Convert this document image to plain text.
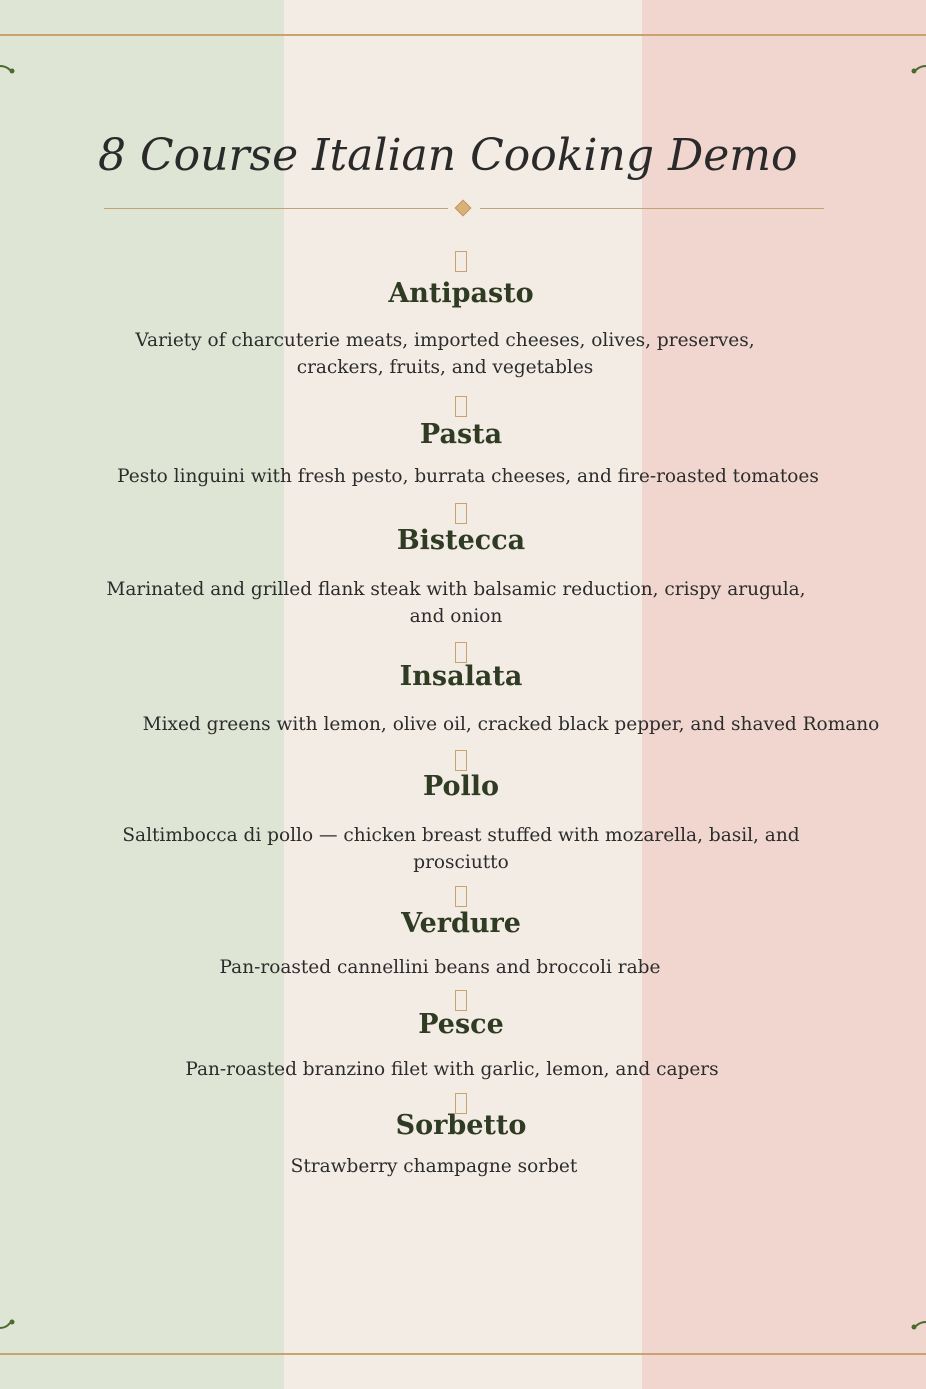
8 Course Italian Cooking Demo
Antipasto

Variety of charcuterie meats, imported cheeses, olives, preserves, crackers, fruits, and vegetables

Pasta

Pesto linguini with fresh pesto, burrata cheeses, and fire-roasted tomatoes

Bistecca

Marinated and grilled flank steak with balsamic reduction, crispy arugula, and onion

Insalata

Mixed greens with lemon, olive oil, cracked black pepper, and shaved Romano

Pollo

Saltimbocca di pollo — chicken breast stuffed with mozarella, basil, and prosciutto

Verdure

Pan-roasted cannellini beans and broccoli rabe

Pesce

Pan-roasted branzino filet with garlic, lemon, and capers

Sorbetto

Strawberry champagne sorbet
